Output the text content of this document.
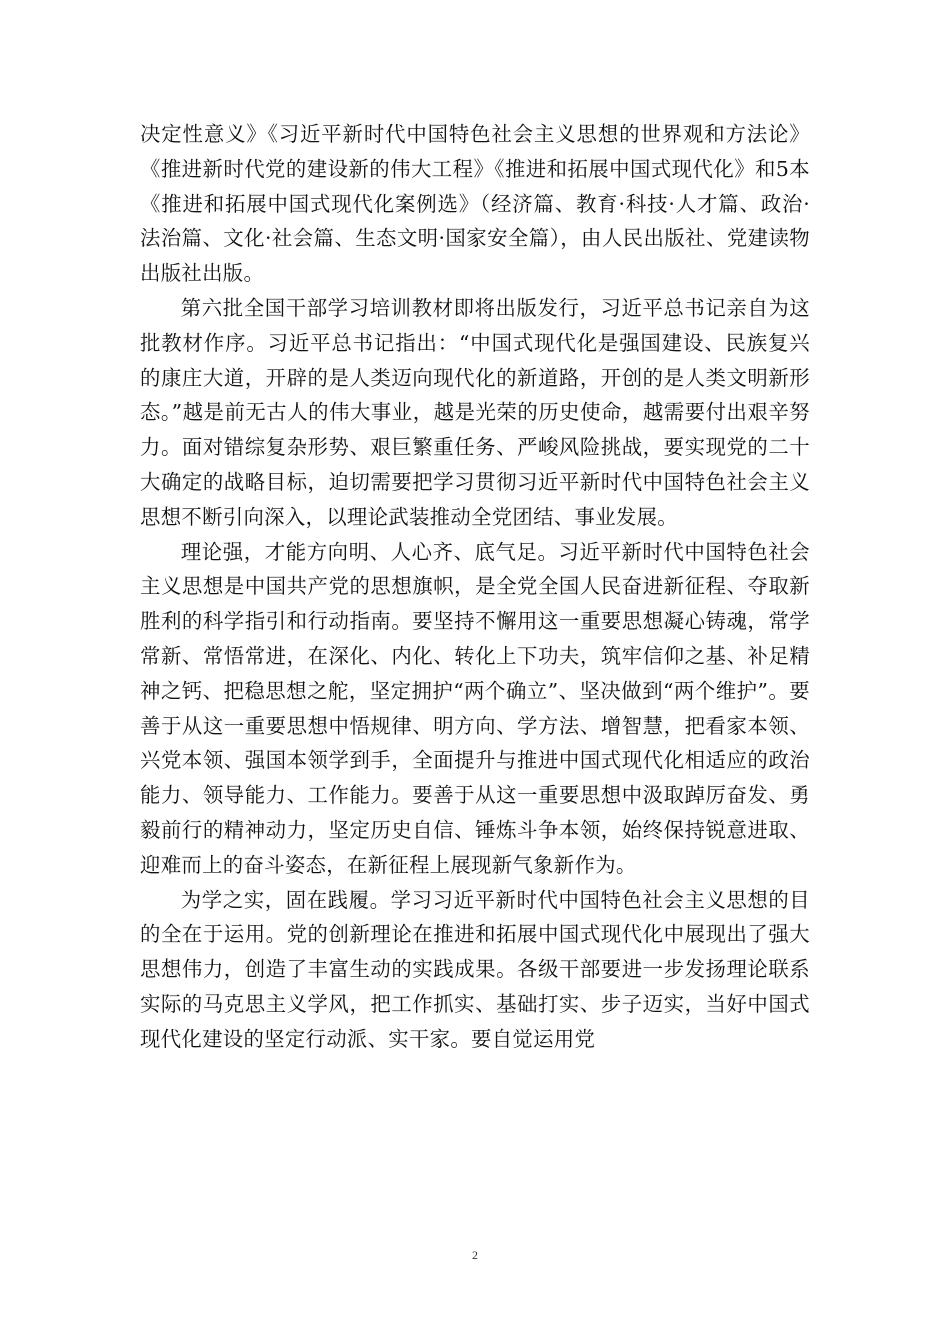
决定性意义》《习近平新时代中国特色社会主义思想的世界观和方法论》《推进新时代党的建设新的伟大工程》《推进和拓展中国式现代化》和5本《推进和拓展中国式现代化案例选》（经济篇、教育·科技·人才篇、政治·法治篇、文化·社会篇、生态文明·国家安全篇），由人民出版社、党建读物出版社出版。

第六批全国干部学习培训教材即将出版发行，习近平总书记亲自为这批教材作序。习近平总书记指出：“中国式现代化是强国建设、民族复兴的康庄大道，开辟的是人类迈向现代化的新道路，开创的是人类文明新形态。”越是前无古人的伟大事业，越是光荣的历史使命，越需要付出艰辛努力。面对错综复杂形势、艰巨繁重任务、严峻风险挑战，要实现党的二十大确定的战略目标，迫切需要把学习贯彻习近平新时代中国特色社会主义思想不断引向深入，以理论武装推动全党团结、事业发展。

理论强，才能方向明、人心齐、底气足。习近平新时代中国特色社会主义思想是中国共产党的思想旗帜，是全党全国人民奋进新征程、夺取新胜利的科学指引和行动指南。要坚持不懈用这一重要思想凝心铸魂，常学常新、常悟常进，在深化、内化、转化上下功夫，筑牢信仰之基、补足精神之钙、把稳思想之舵，坚定拥护“两个确立”、坚决做到“两个维护”。要善于从这一重要思想中悟规律、明方向、学方法、增智慧，把看家本领、兴党本领、强国本领学到手，全面提升与推进中国式现代化相适应的政治能力、领导能力、工作能力。要善于从这一重要思想中汲取踔厉奋发、勇毅前行的精神动力，坚定历史自信、锤炼斗争本领，始终保持锐意进取、迎难而上的奋斗姿态，在新征程上展现新气象新作为。

为学之实，固在践履。学习习近平新时代中国特色社会主义思想的目的全在于运用。党的创新理论在推进和拓展中国式现代化中展现出了强大思想伟力，创造了丰富生动的实践成果。各级干部要进一步发扬理论联系实际的马克思主义学风，把工作抓实、基础打实、步子迈实，当好中国式现代化建设的坚定行动派、实干家。要自觉运用党

2
